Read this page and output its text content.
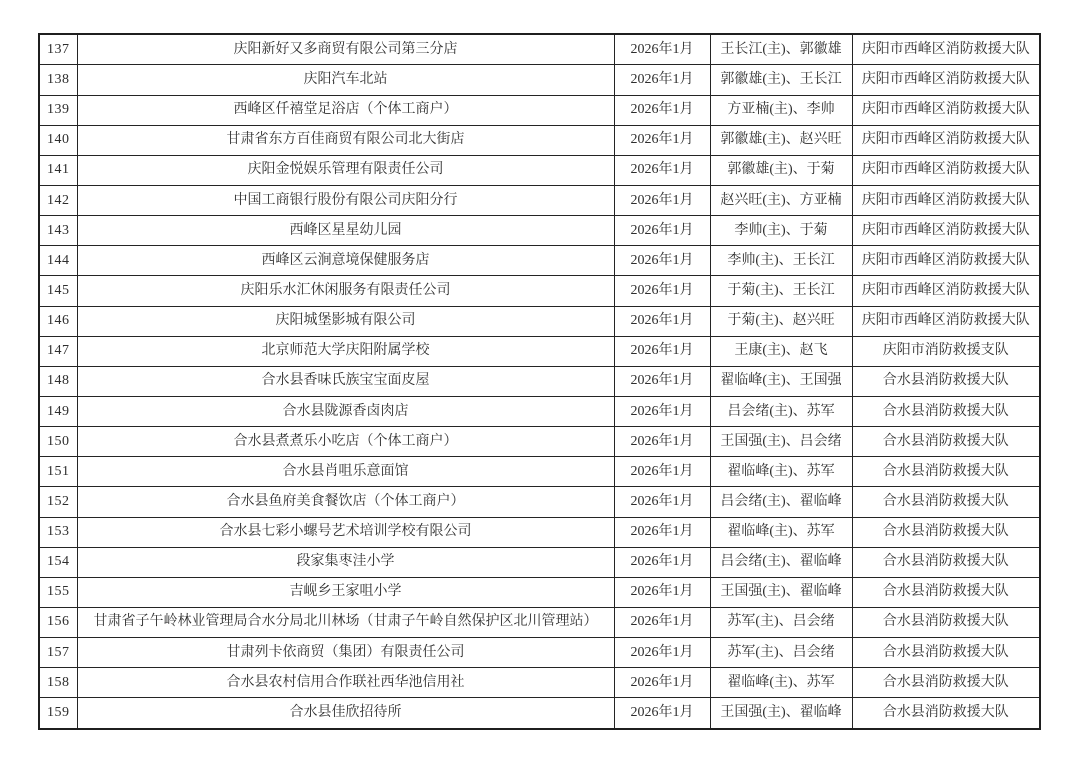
137	庆阳新好又多商贸有限公司第三分店	2026年1月	王长江(主)、郭徽雄	庆阳市西峰区消防救援大队
138	庆阳汽车北站	2026年1月	郭徽雄(主)、王长江	庆阳市西峰区消防救援大队
139	西峰区仟禧堂足浴店（个体工商户）	2026年1月	方亚楠(主)、李帅	庆阳市西峰区消防救援大队
140	甘肃省东方百佳商贸有限公司北大街店	2026年1月	郭徽雄(主)、赵兴旺	庆阳市西峰区消防救援大队
141	庆阳金悦娱乐管理有限责任公司	2026年1月	郭徽雄(主)、于菊	庆阳市西峰区消防救援大队
142	中国工商银行股份有限公司庆阳分行	2026年1月	赵兴旺(主)、方亚楠	庆阳市西峰区消防救援大队
143	西峰区星星幼儿园	2026年1月	李帅(主)、于菊	庆阳市西峰区消防救援大队
144	西峰区云涧意境保健服务店	2026年1月	李帅(主)、王长江	庆阳市西峰区消防救援大队
145	庆阳乐水汇休闲服务有限责任公司	2026年1月	于菊(主)、王长江	庆阳市西峰区消防救援大队
146	庆阳城堡影城有限公司	2026年1月	于菊(主)、赵兴旺	庆阳市西峰区消防救援大队
147	北京师范大学庆阳附属学校	2026年1月	王康(主)、赵飞	庆阳市消防救援支队
148	合水县香味氏族宝宝面皮屋	2026年1月	翟临峰(主)、王国强	合水县消防救援大队
149	合水县陇源香卤肉店	2026年1月	吕会绪(主)、苏军	合水县消防救援大队
150	合水县煮煮乐小吃店（个体工商户）	2026年1月	王国强(主)、吕会绪	合水县消防救援大队
151	合水县肖咀乐意面馆	2026年1月	翟临峰(主)、苏军	合水县消防救援大队
152	合水县鱼府美食餐饮店（个体工商户）	2026年1月	吕会绪(主)、翟临峰	合水县消防救援大队
153	合水县七彩小螺号艺术培训学校有限公司	2026年1月	翟临峰(主)、苏军	合水县消防救援大队
154	段家集枣洼小学	2026年1月	吕会绪(主)、翟临峰	合水县消防救援大队
155	吉岘乡王家咀小学	2026年1月	王国强(主)、翟临峰	合水县消防救援大队
156	甘肃省子午岭林业管理局合水分局北川林场（甘肃子午岭自然保护区北川管理站）	2026年1月	苏军(主)、吕会绪	合水县消防救援大队
157	甘肃列卡依商贸（集团）有限责任公司	2026年1月	苏军(主)、吕会绪	合水县消防救援大队
158	合水县农村信用合作联社西华池信用社	2026年1月	翟临峰(主)、苏军	合水县消防救援大队
159	合水县佳欣招待所	2026年1月	王国强(主)、翟临峰	合水县消防救援大队
